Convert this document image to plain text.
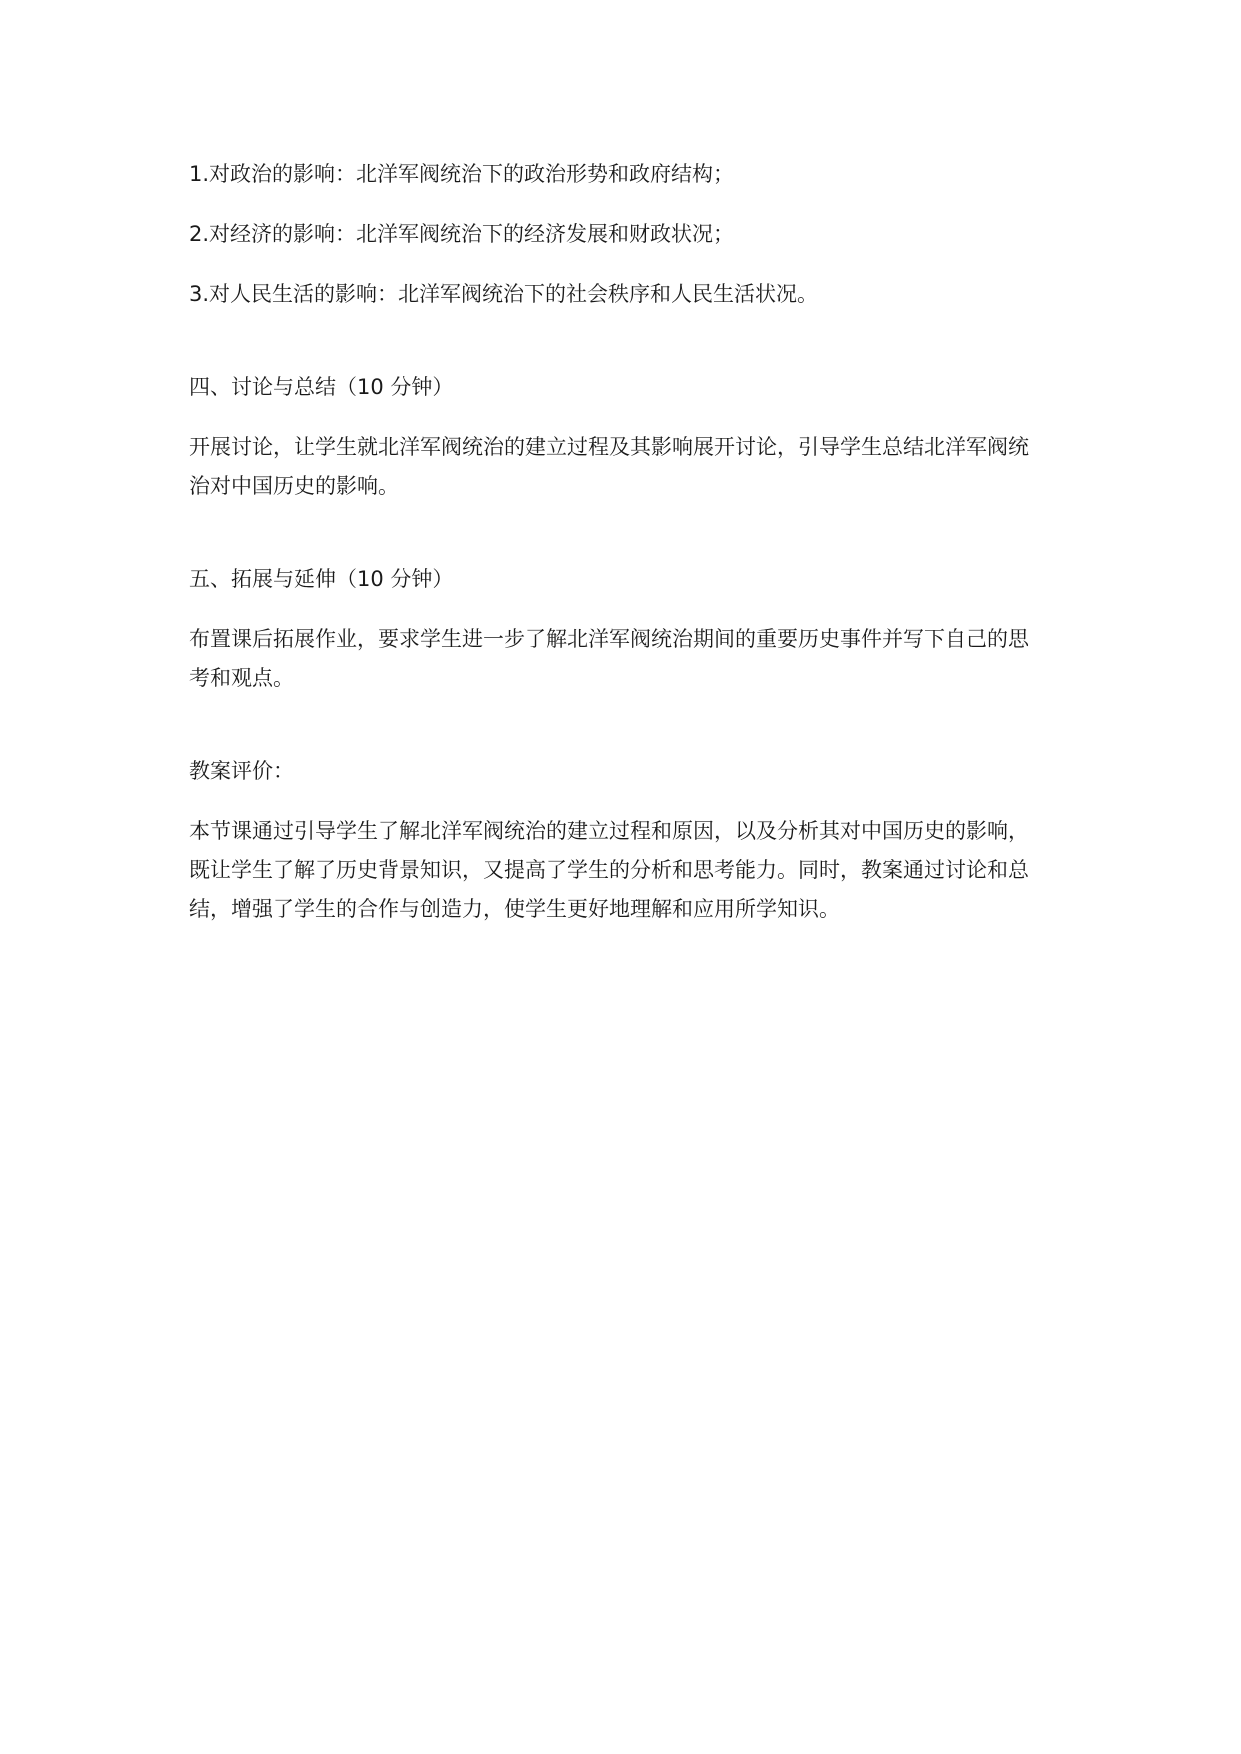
1.对政治的影响：北洋军阀统治下的政治形势和政府结构；

2.对经济的影响：北洋军阀统治下的经济发展和财政状况；

3.对人民生活的影响：北洋军阀统治下的社会秩序和人民生活状况。

四、讨论与总结（10 分钟）

开展讨论，让学生就北洋军阀统治的建立过程及其影响展开讨论，引导学生总结北洋军阀统治对中国历史的影响。

五、拓展与延伸（10 分钟）

布置课后拓展作业，要求学生进一步了解北洋军阀统治期间的重要历史事件并写下自己的思考和观点。

教案评价：

本节课通过引导学生了解北洋军阀统治的建立过程和原因，以及分析其对中国历史的影响，既让学生了解了历史背景知识，又提高了学生的分析和思考能力。同时，教案通过讨论和总结，增强了学生的合作与创造力，使学生更好地理解和应用所学知识。
